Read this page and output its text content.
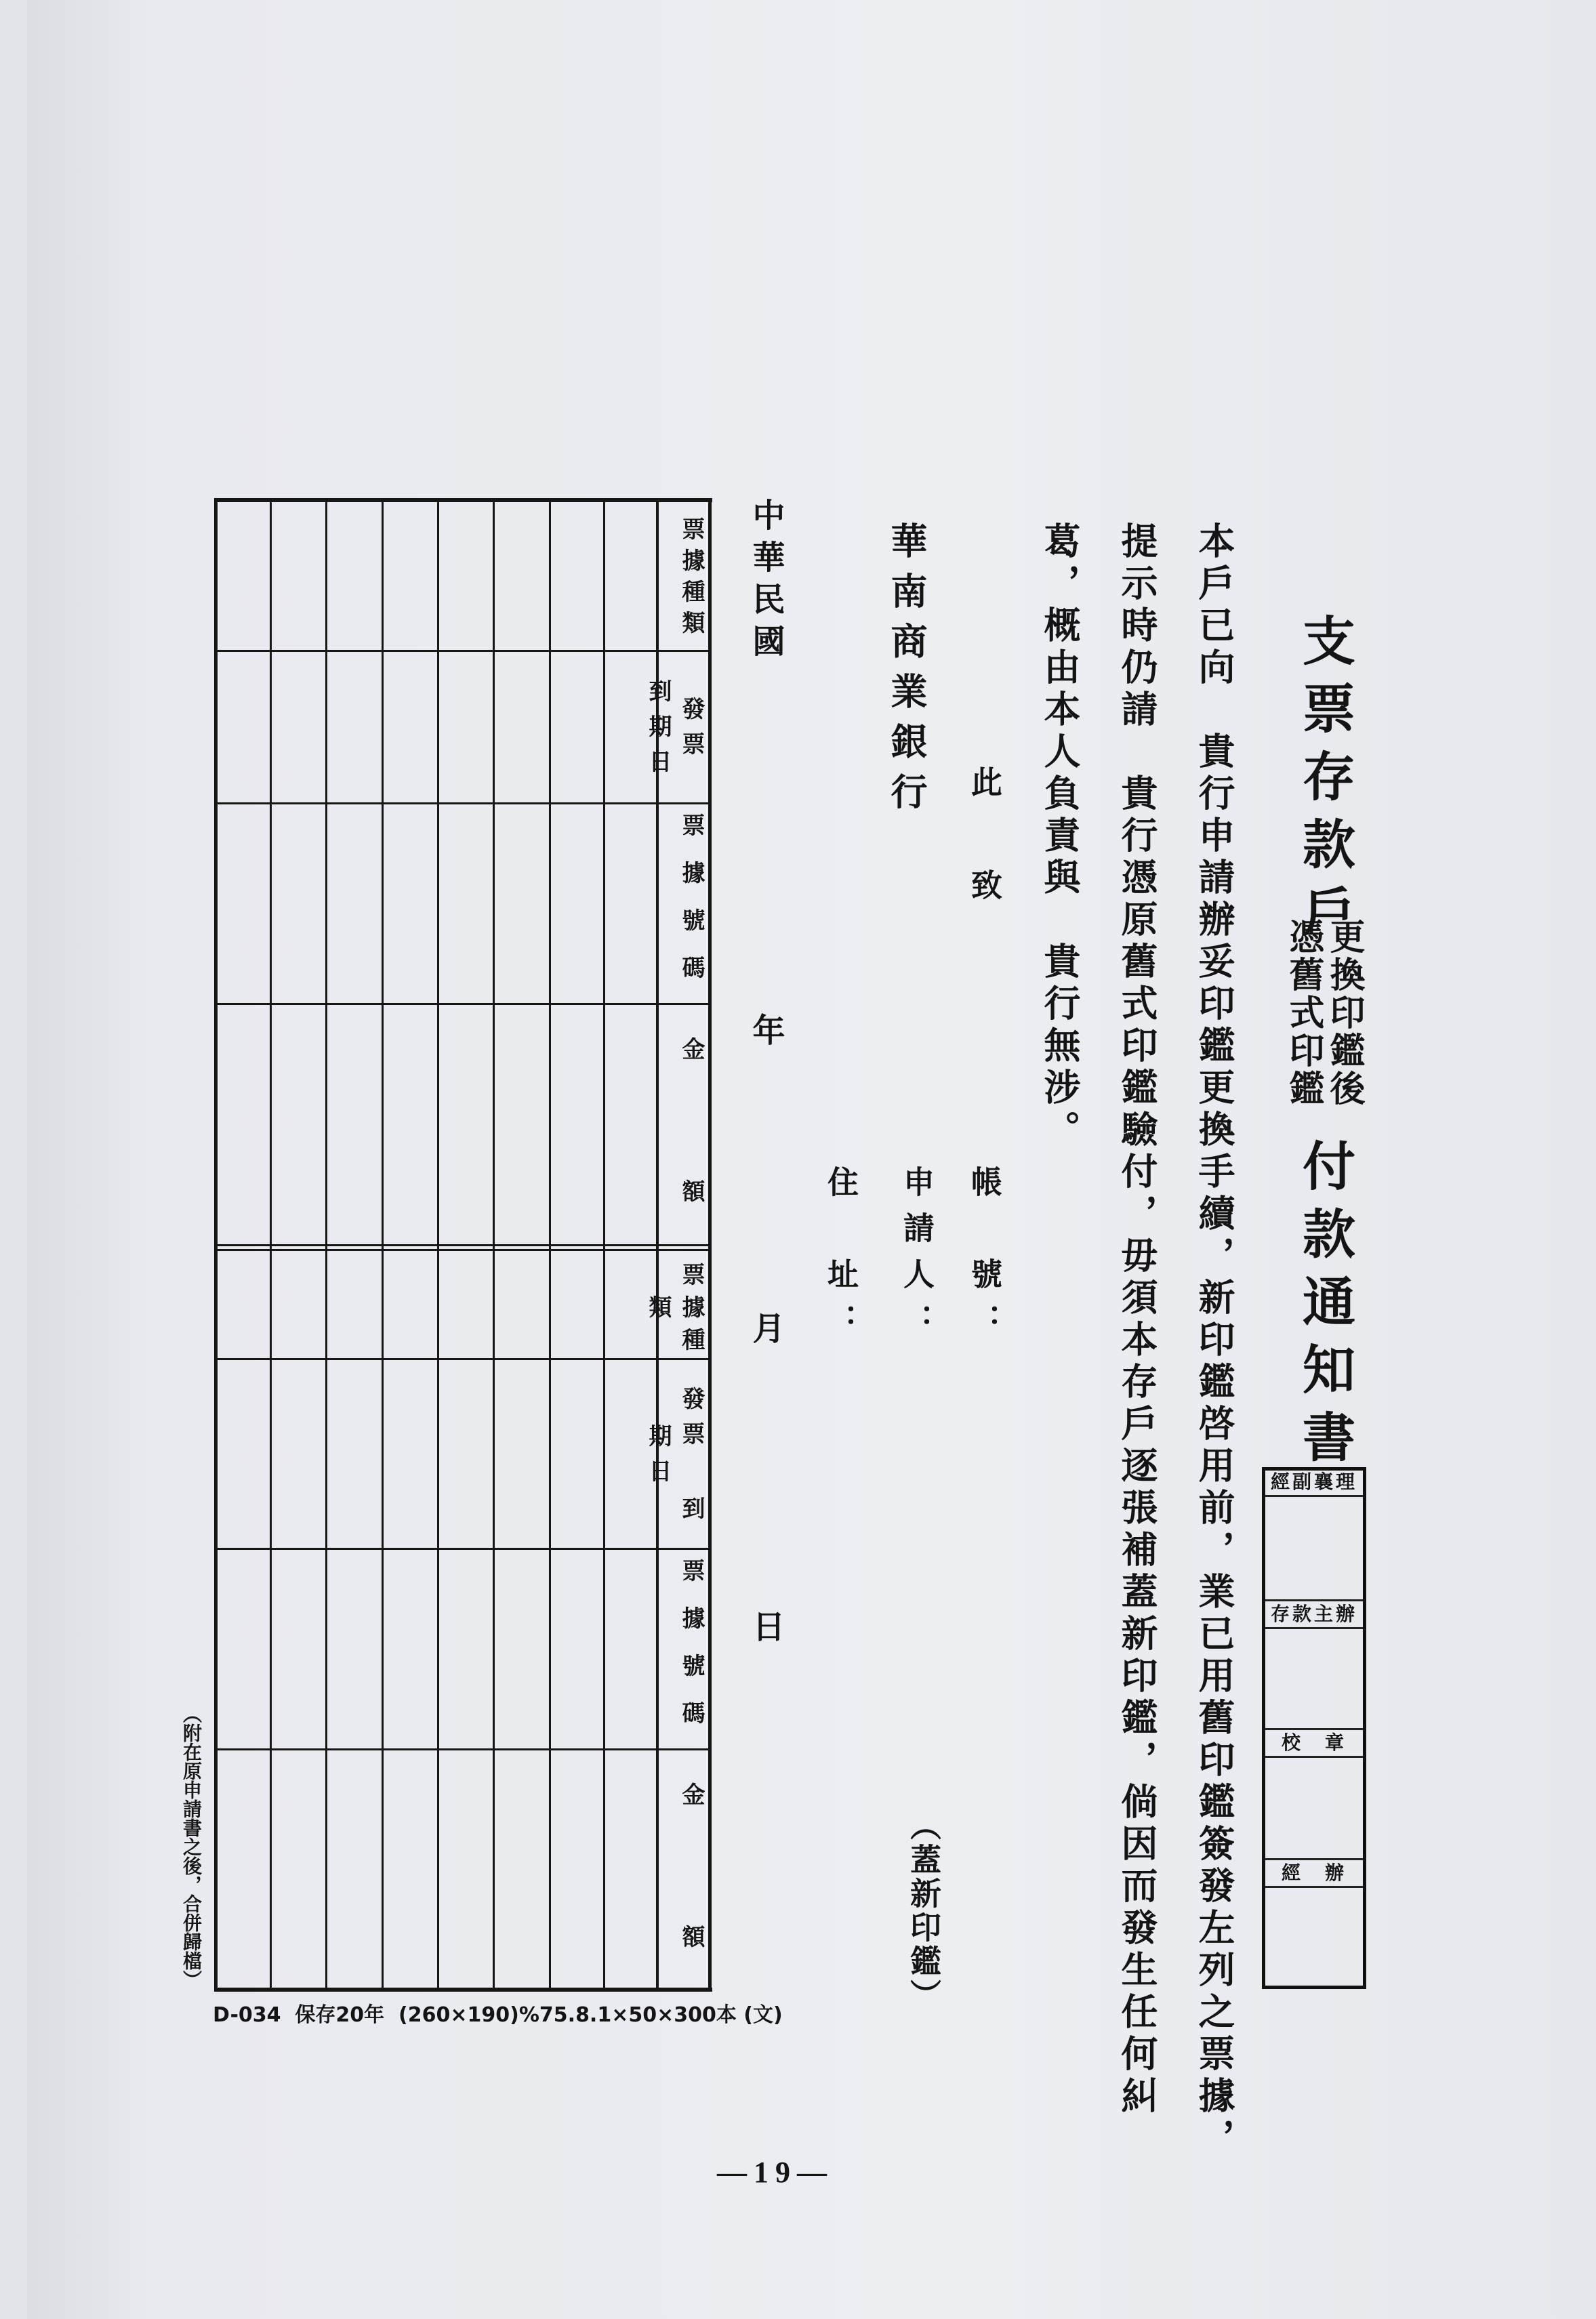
支票存款戶
更換印鑑後
憑舊式印鑑
付款通知書
經副襄理
存款主辦
校　章
經　辦
本戶已向　貴行申請辦妥印鑑更換手續，新印鑑啓用前，業已用舊印鑑簽發左列之票據，
提示時仍請　貴行憑原舊式印鑑驗付，毋須本存戶逐張補蓋新印鑑，倘因而發生任何糾
葛，概由本人負責與　貴行無涉。
此　致
帳　號：
申請人：
住　址：
（蓋新印鑑）
華南商業銀行
中華民國
年
月
日
票據種類
發票 到期日
票據號碼
金　　額
票據種類
發票 到期日
票據號碼
金　　額
（附在原申請書之後，合併歸檔）
D-034  保存20年  (260×190)%75.8.1×50×300本 (文)
—19—
